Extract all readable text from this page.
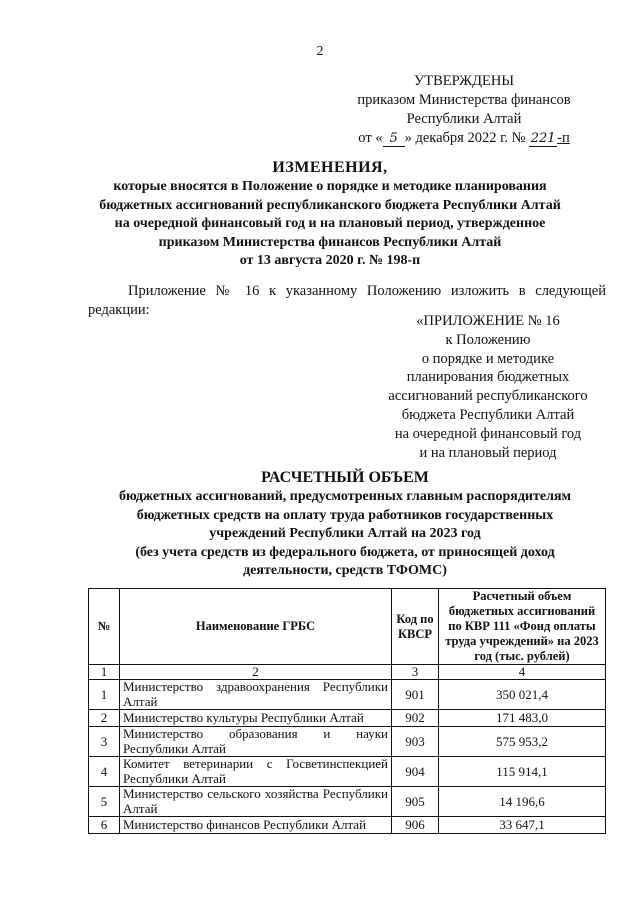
2
УТВЕРЖДЕНЫ
приказом Министерства финансов
Республики Алтай
от « 5 » декабря 2022 г. № 221 -п
ИЗМЕНЕНИЯ,
которые вносятся в Положение о порядке и методике планирования
бюджетных ассигнований республиканского бюджета Республики Алтай
на очередной финансовый год и на плановый период, утвержденное
приказом Министерства финансов Республики Алтай
от 13 августа 2020 г. № 198-п
Приложение № 16 к указанному Положению изложить в следующей редакции:
«ПРИЛОЖЕНИЕ № 16
к Положению
о порядке и методике
планирования бюджетных
ассигнований республиканского
бюджета Республики Алтай
на очередной финансовый год
и на плановый период
РАСЧЕТНЫЙ ОБЪЕМ
бюджетных ассигнований, предусмотренных главным распорядителям
бюджетных средств на оплату труда работников государственных
учреждений Республики Алтай на 2023 год
(без учета средств из федерального бюджета, от приносящей доход
деятельности, средств ТФОМС)
№	Наименование ГРБС	Код по КВСР	Расчетный объем бюджетных ассигнований по КВР 111 «Фонд оплаты труда учреждений» на 2023 год (тыс. рублей)
1	2	3	4
1	Министерство здравоохранения Республики Алтай	901	350 021,4
2	Министерство культуры Республики Алтай	902	171 483,0
3	Министерство образования и науки Республики Алтай	903	575 953,2
4	Комитет ветеринарии с Госветинспекцией Республики Алтай	904	115 914,1
5	Министерство сельского хозяйства Республики Алтай	905	14 196,6
6	Министерство финансов Республики Алтай	906	33 647,1
